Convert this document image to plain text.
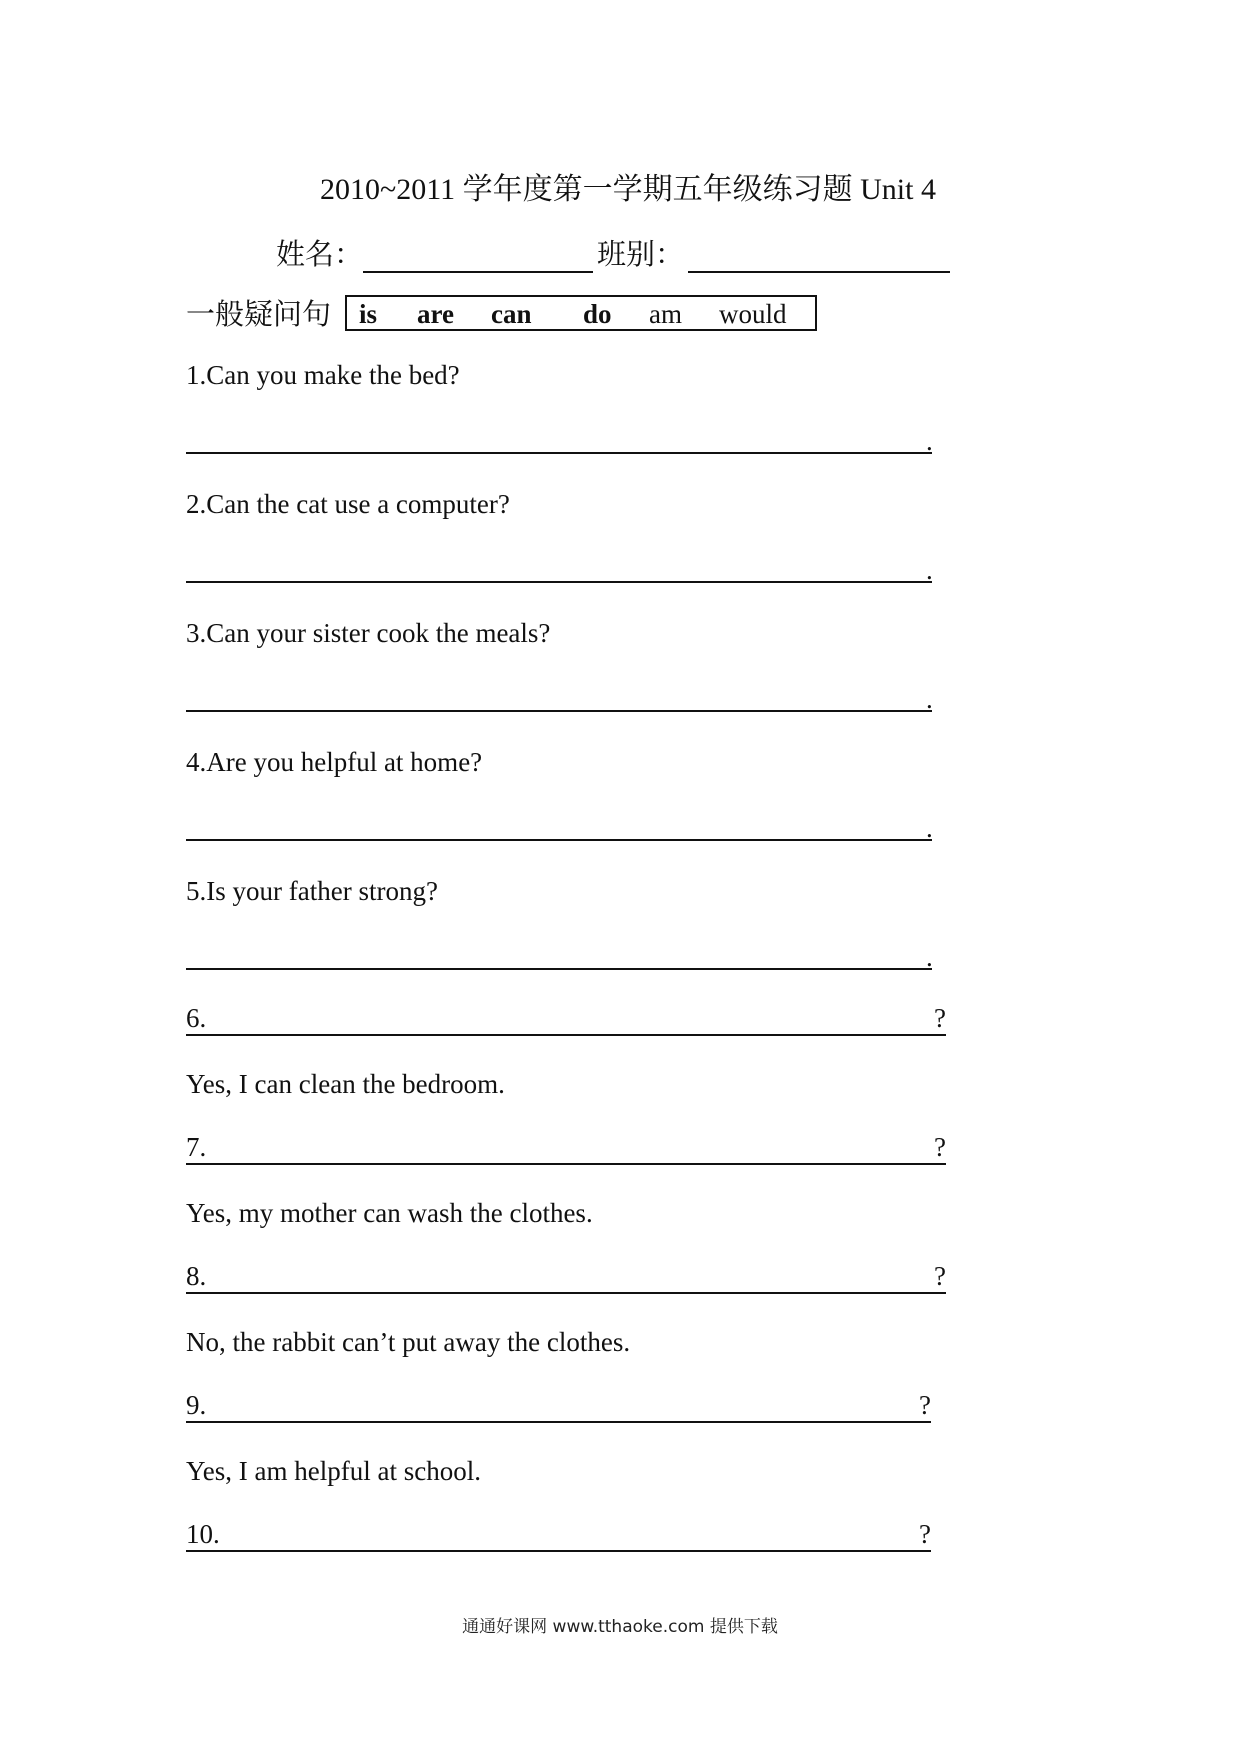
2010~2011 学年度第一学期五年级练习题 Unit 4
姓名：	班别：
一般疑问句 is are can do am would
1.Can you make the bed?
.
2.Can the cat use a computer?
.
3.Can your sister cook the meals?
.
4.Are you helpful at home?
.
5.Is your father strong?
.
6.	?
Yes, I can clean the bedroom.
7.	?
Yes, my mother can wash the clothes.
8.	?
No, the rabbit can’t put away the clothes.
9.	?
Yes, I am helpful at school.
10.	?
通通好课网 www.tthaoke.com 提供下载
